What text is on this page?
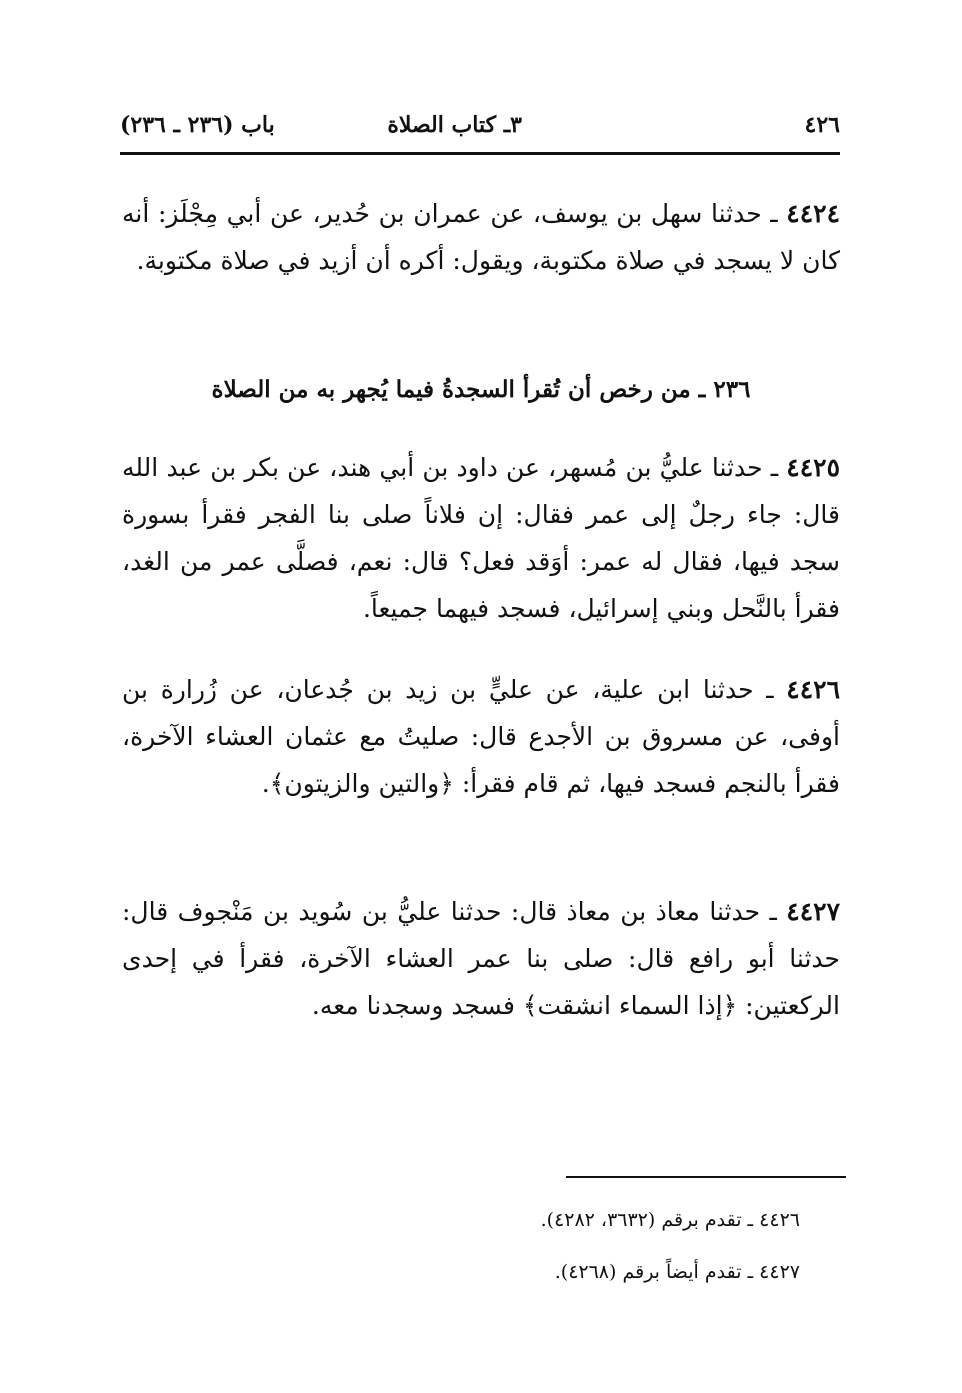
٤٢٦
٣ـ كتاب الصلاة
باب (٢٣٦ ـ ٢٣٦)

٤٤٢٤ ـ حدثنا سهل بن يوسف، عن عمران بن حُدير، عن أبي مِجْلَز: أنه كان لا يسجد في صلاة مكتوبة، ويقول: أكره أن أزيد في صلاة مكتوبة.

٢٣٦ ـ من رخص أن تُقرأ السجدةُ فيما يُجهر به من الصلاة

٤٤٢٥ ـ حدثنا عليُّ بن مُسهر، عن داود بن أبي هند، عن بكر بن عبد الله قال: جاء رجلٌ إلى عمر فقال: إن فلاناً صلى بنا الفجر فقرأ بسورة سجد فيها، فقال له عمر: أوَقد فعل؟ قال: نعم، فصلَّى عمر من الغد، فقرأ بالنَّحل وبني إسرائيل، فسجد فيهما جميعاً.

٤٤٢٦ ـ حدثنا ابن علية، عن عليٍّ بن زيد بن جُدعان، عن زُرارة بن أوفى، عن مسروق بن الأجدع قال: صليتُ مع عثمان العشاء الآخرة، فقرأ بالنجم فسجد فيها، ثم قام فقرأ: ﴿والتين والزيتون﴾.

٤٤٢٧ ـ حدثنا معاذ بن معاذ قال: حدثنا عليُّ بن سُويد بن مَنْجوف قال: حدثنا أبو رافع قال: صلى بنا عمر العشاء الآخرة، فقرأ في إحدى الركعتين: ﴿إذا السماء انشقت﴾ فسجد وسجدنا معه.

٤٤٢٦ ـ تقدم برقم (٣٦٣٢، ٤٢٨٢).
٤٤٢٧ ـ تقدم أيضاً برقم (٤٢٦٨).
